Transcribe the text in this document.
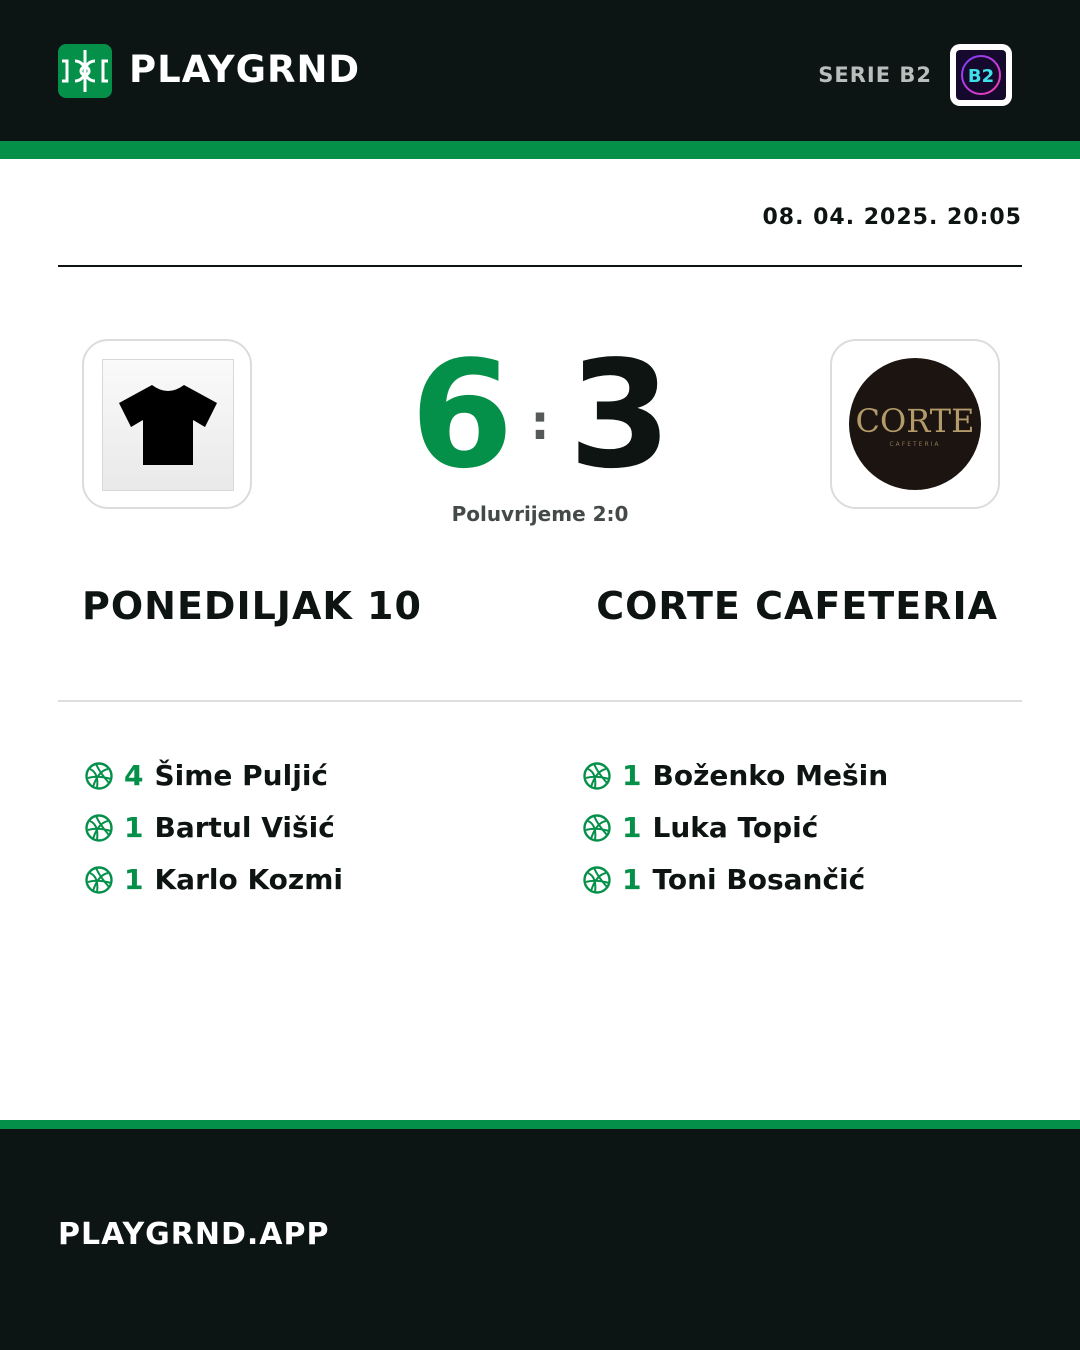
PLAYGRND	SERIE B2 B2
08. 04. 2025. 20:05
6 : 3	CORTE
CAFETERIA
Poluvrijeme 2:0
PONEDILJAK 10	CORTE CAFETERIA
4 Šime Puljić
1 Bartul Višić
1 Karlo Kozmi
1 Boženko Mešin
1 Luka Topić
1 Toni Bosančić
PLAYGRND.APP
